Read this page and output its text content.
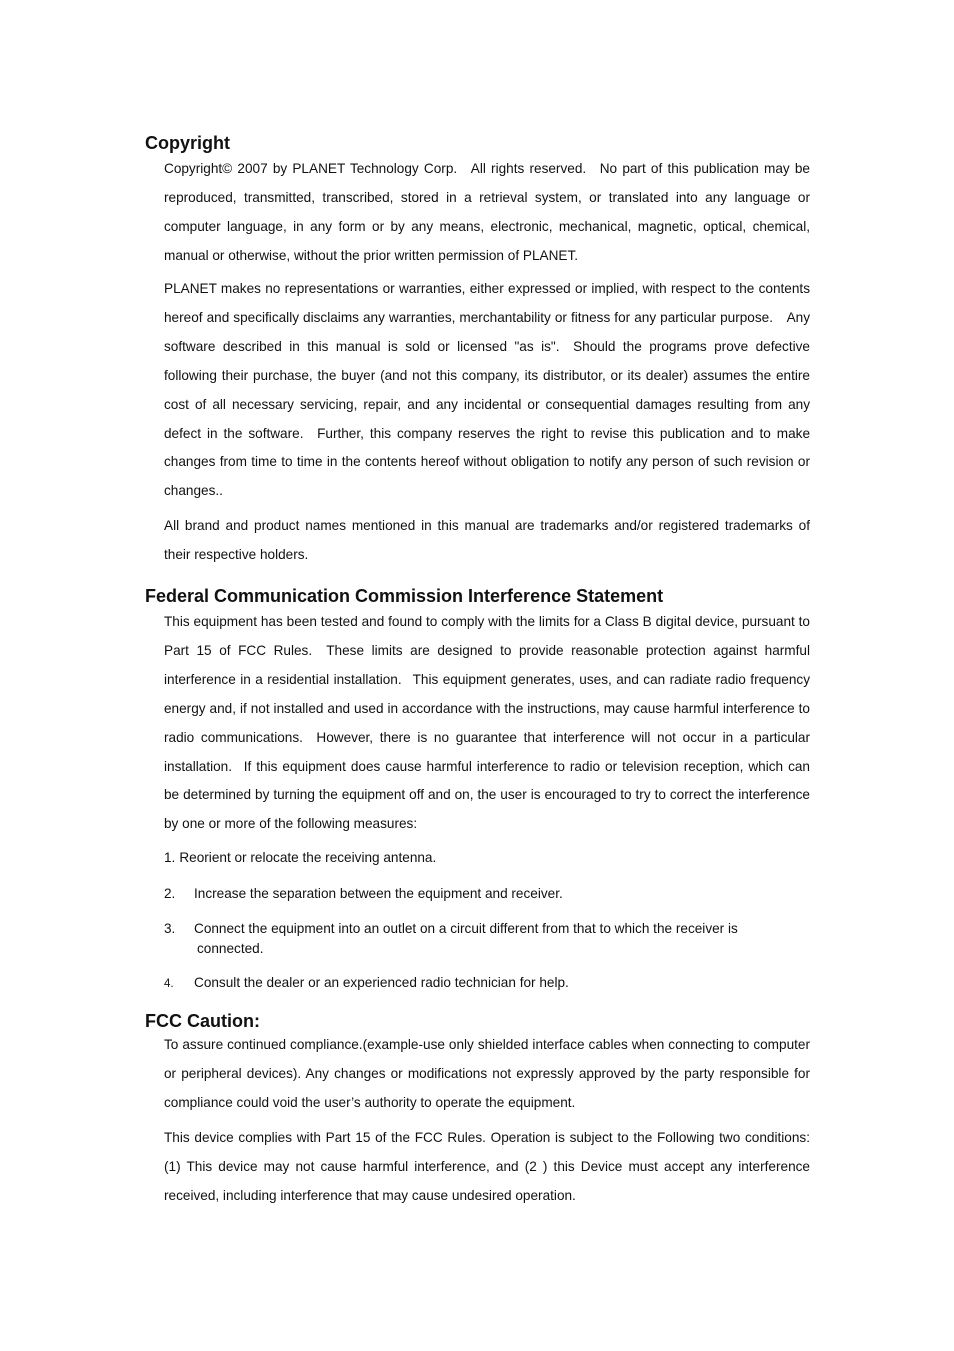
Copyright

Copyright© 2007 by PLANET Technology Corp. All rights reserved. No part of this publication may be reproduced, transmitted, transcribed, stored in a retrieval system, or translated into any language or computer language, in any form or by any means, electronic, mechanical, magnetic, optical, chemical, manual or otherwise, without the prior written permission of PLANET.

PLANET makes no representations or warranties, either expressed or implied, with respect to the contents hereof and specifically disclaims any warranties, merchantability or fitness for any particular purpose. Any software described in this manual is sold or licensed "as is". Should the programs prove defective following their purchase, the buyer (and not this company, its distributor, or its dealer) assumes the entire cost of all necessary servicing, repair, and any incidental or consequential damages resulting from any defect in the software. Further, this company reserves the right to revise this publication and to make changes from time to time in the contents hereof without obligation to notify any person of such revision or changes..

All brand and product names mentioned in this manual are trademarks and/or registered trademarks of their respective holders.

Federal Communication Commission Interference Statement

This equipment has been tested and found to comply with the limits for a Class B digital device, pursuant to Part 15 of FCC Rules.  These limits are designed to provide reasonable protection against harmful interference in a residential installation.  This equipment generates, uses, and can radiate radio frequency energy and, if not installed and used in accordance with the instructions, may cause harmful interference to radio communications.  However, there is no guarantee that interference will not occur in a particular installation.  If this equipment does cause harmful interference to radio or television reception, which can be determined by turning the equipment off and on, the user is encouraged to try to correct the interference by one or more of the following measures:

1. Reorient or relocate the receiving antenna.
2. Increase the separation between the equipment and receiver.
3. Connect the equipment into an outlet on a circuit different from that to which the receiver is
connected.
4. Consult the dealer or an experienced radio technician for help.
FCC Caution:

To assure continued compliance.(example-use only shielded interface cables when connecting to computer or peripheral devices). Any changes or modifications not expressly approved by the party responsible for compliance could void the user’s authority to operate the equipment.

This device complies with Part 15 of the FCC Rules. Operation is subject to the Following two conditions: (1) This device may not cause harmful interference, and (2 ) this Device must accept any interference received, including interference that may cause undesired operation.
